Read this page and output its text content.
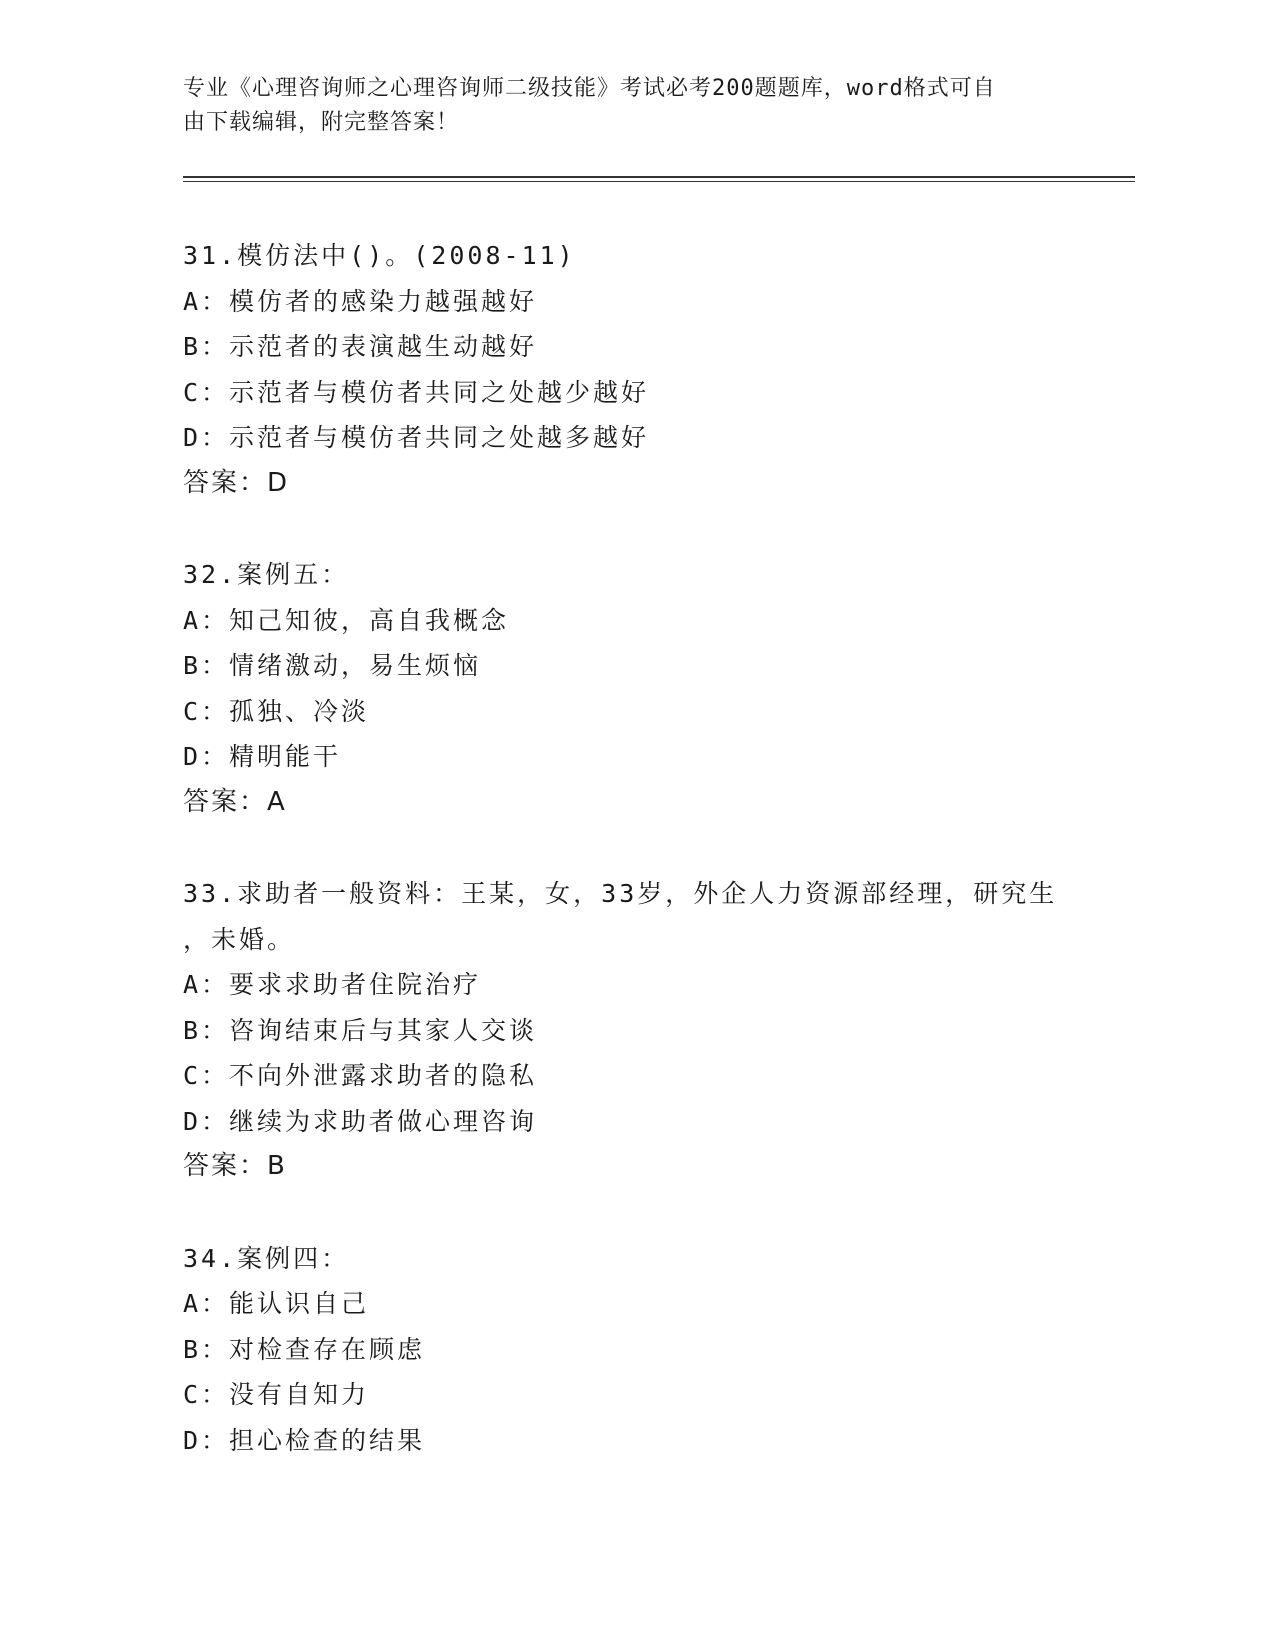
专业《心理咨询师之心理咨询师二级技能》考试必考200题题库，word格式可自
由下载编辑，附完整答案！
31.模仿法中()。(2008-11)
A：模仿者的感染力越强越好
B：示范者的表演越生动越好
C：示范者与模仿者共同之处越少越好
D：示范者与模仿者共同之处越多越好
答案：D
32.案例五：
A：知己知彼，高自我概念
B：情绪激动，易生烦恼
C：孤独、冷淡
D：精明能干
答案：A
33.求助者一般资料：王某，女，33岁，外企人力资源部经理，研究生
，未婚。
A：要求求助者住院治疗
B：咨询结束后与其家人交谈
C：不向外泄露求助者的隐私
D：继续为求助者做心理咨询
答案：B
34.案例四：
A：能认识自己
B：对检查存在顾虑
C：没有自知力
D：担心检查的结果
